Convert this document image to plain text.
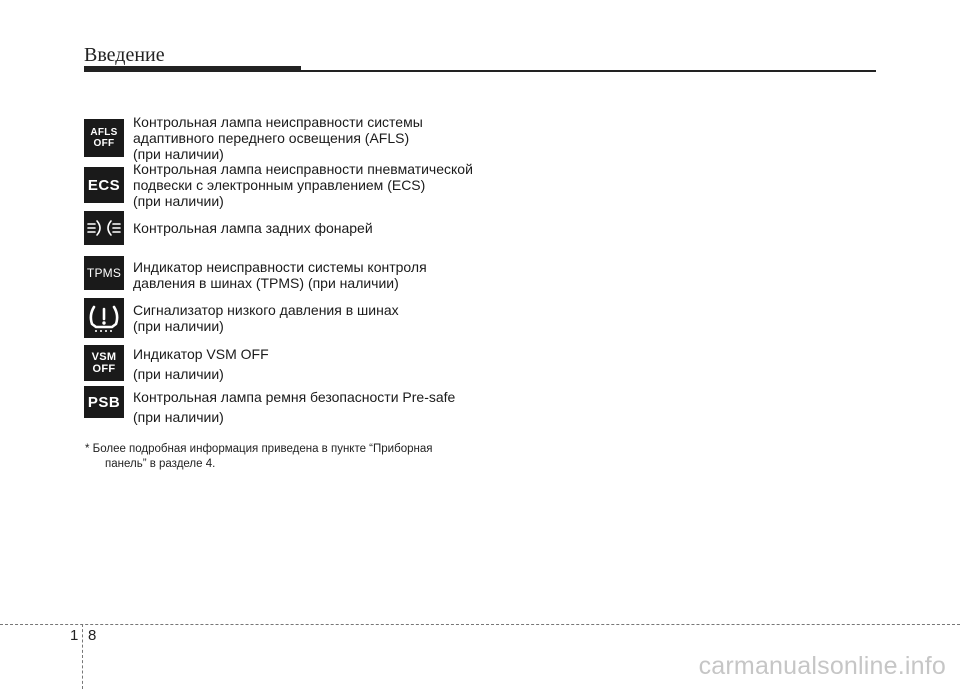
Введение
AFLS
OFF
Контрольная лампа неисправности системы
адаптивного переднего освещения (AFLS)
(при наличии)
ECS
Контрольная лампа неисправности пневматической
подвески с электронным управлением (ECS)
(при наличии)
Контрольная лампа задних фонарей
TPMS Индикатор неисправности системы контроля
давления в шинах (TPMS) (при наличии)
Сигнализатор низкого давления в шинах
(при наличии)
VSM
OFF
Индикатор VSM OFF
(при наличии)
PSB Контрольная лампа ремня безопасности Pre-safe
(при наличии)
* Более подробная информация приведена в пункте “Приборная
панель” в разделе 4.
1 8
carmanualsonline.info
